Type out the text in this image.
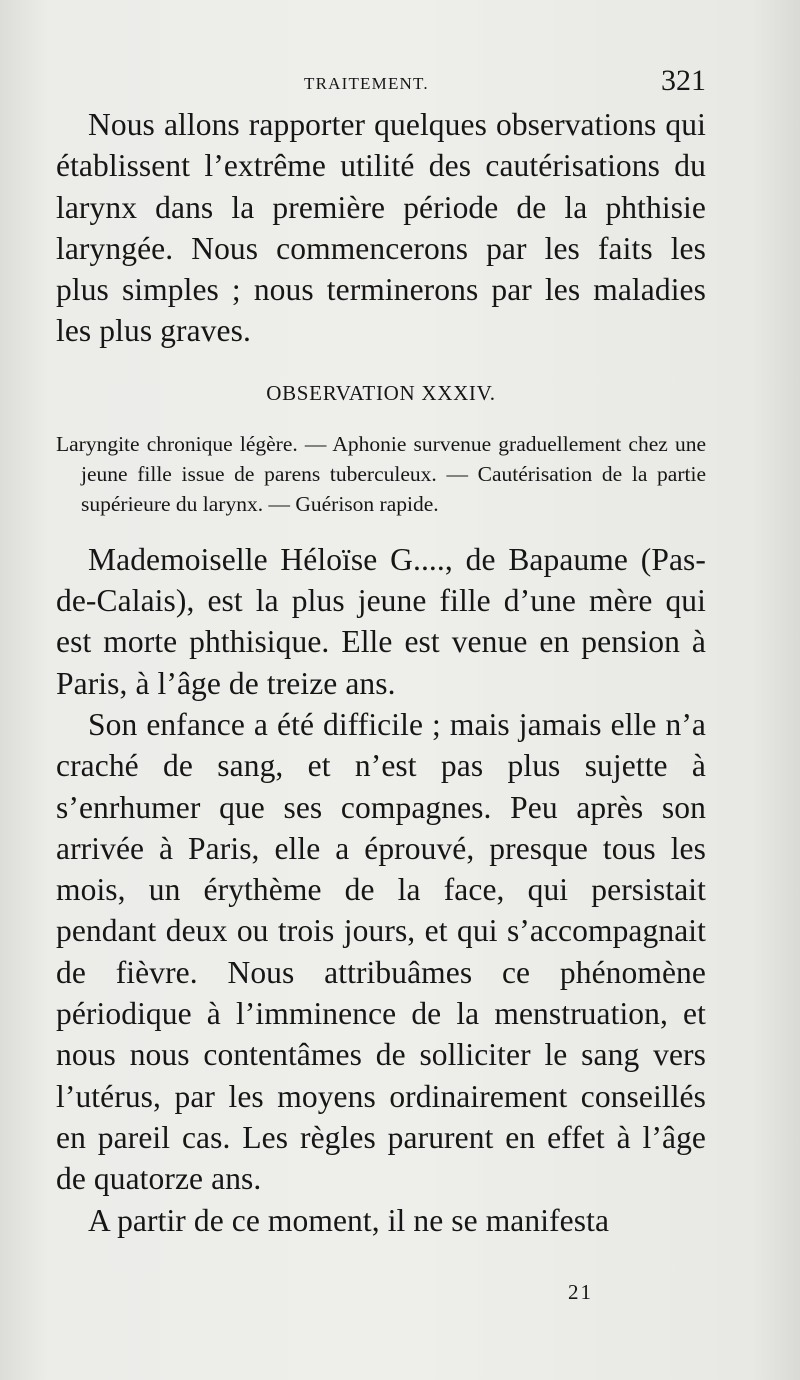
TRAITEMENT.	321

Nous allons rapporter quelques observations qui établissent l’extrême utilité des cautérisations du larynx dans la première période de la phthisie laryngée. Nous commencerons par les faits les plus simples ; nous terminerons par les maladies les plus graves.

OBSERVATION XXXIV.

Laryngite chronique légère. — Aphonie survenue graduellement chez une jeune fille issue de parens tuberculeux. — Cautérisation de la partie supérieure du larynx. — Guérison rapide.

Mademoiselle Héloïse G...., de Bapaume (Pas-de-Calais), est la plus jeune fille d’une mère qui est morte phthisique. Elle est venue en pension à Paris, à l’âge de treize ans.

Son enfance a été difficile ; mais jamais elle n’a craché de sang, et n’est pas plus sujette à s’enrhumer que ses compagnes. Peu après son arrivée à Paris, elle a éprouvé, presque tous les mois, un érythème de la face, qui persistait pendant deux ou trois jours, et qui s’accompagnait de fièvre. Nous attribuâmes ce phénomène périodique à l’imminence de la menstruation, et nous nous contentâmes de solliciter le sang vers l’utérus, par les moyens ordinairement conseillés en pareil cas. Les règles parurent en effet à l’âge de quatorze ans.

A partir de ce moment, il ne se manifesta

21
